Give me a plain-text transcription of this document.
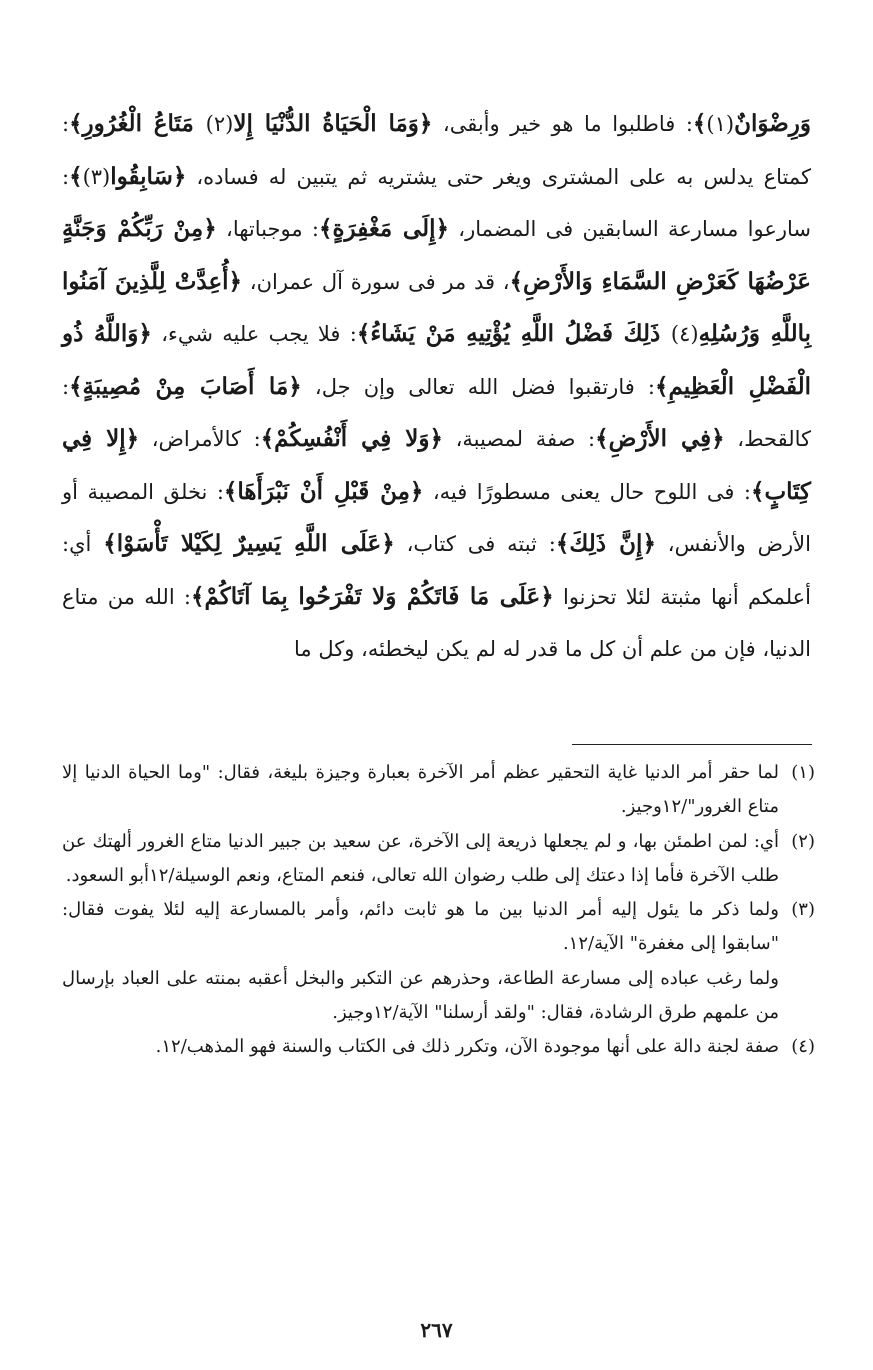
وَرِضْوَانٌ(١)﴾: فاطلبوا ما هو خير وأبقى، ﴿وَمَا الْحَيَاةُ الدُّنْيَا إِلا(٢) مَتَاعُ الْغُرُورِ﴾: كمتاع يدلس به على المشترى ويغر حتى يشتريه ثم يتبين له فساده، ﴿سَابِقُوا(٣)﴾: سارعوا مسارعة السابقين فى المضمار، ﴿إِلَى مَغْفِرَةٍ﴾: موجباتها، ﴿مِنْ رَبِّكُمْ وَجَنَّةٍ عَرْضُهَا كَعَرْضِ السَّمَاءِ وَالأَرْضِ﴾، قد مر فى سورة آل عمران، ﴿أُعِدَّتْ لِلَّذِينَ آمَنُوا بِاللَّهِ وَرُسُلِهِ(٤) ذَلِكَ فَضْلُ اللَّهِ يُؤْتِيهِ مَنْ يَشَاءُ﴾: فلا يجب عليه شيء، ﴿وَاللَّهُ ذُو الْفَضْلِ الْعَظِيمِ﴾: فارتقبوا فضل الله تعالى وإن جل، ﴿مَا أَصَابَ مِنْ مُصِيبَةٍ﴾: كالقحط، ﴿فِي الأَرْضِ﴾: صفة لمصيبة، ﴿وَلا فِي أَنْفُسِكُمْ﴾: كالأمراض، ﴿إِلا فِي كِتَابٍ﴾: فى اللوح حال يعنى مسطورًا فيه، ﴿مِنْ قَبْلِ أَنْ نَبْرَأَهَا﴾: نخلق المصيبة أو الأرض والأنفس، ﴿إِنَّ ذَلِكَ﴾: ثبته فى كتاب، ﴿عَلَى اللَّهِ يَسِيرٌ لِكَيْلا تَأْسَوْا﴾ أي: أعلمكم أنها مثبتة لئلا تحزنوا ﴿عَلَى مَا فَاتَكُمْ وَلا تَفْرَحُوا بِمَا آتَاكُمْ﴾: الله من متاع الدنيا، فإن من علم أن كل ما قدر له لم يكن ليخطئه، وكل ما

(١)لما حقر أمر الدنيا غاية التحقير عظم أمر الآخرة بعبارة وجيزة بليغة، فقال: "وما الحياة الدنيا إلا متاع الغرور"/١٢وجيز.

(٢)أي: لمن اطمئن بها، و لم يجعلها ذريعة إلى الآخرة، عن سعيد بن جبير الدنيا متاع الغرور ألهتك عن طلب الآخرة فأما إذا دعتك إلى طلب رضوان الله تعالى، فنعم المتاع، ونعم الوسيلة/١٢أبو السعود.

(٣)ولما ذكر ما يئول إليه أمر الدنيا بين ما هو ثابت دائم، وأمر بالمسارعة إليه لئلا يفوت فقال: "سابقوا إلى مغفرة" الآية/١٢.

ولما رغب عباده إلى مسارعة الطاعة، وحذرهم عن التكبر والبخل أعقبه بمنته على العباد بإرسال من علمهم طرق الرشادة، فقال: "ولقد أرسلنا" الآية/١٢وجيز.

(٤)صفة لجنة دالة على أنها موجودة الآن، وتكرر ذلك فى الكتاب والسنة فهو المذهب/١٢.

٢٦٧
